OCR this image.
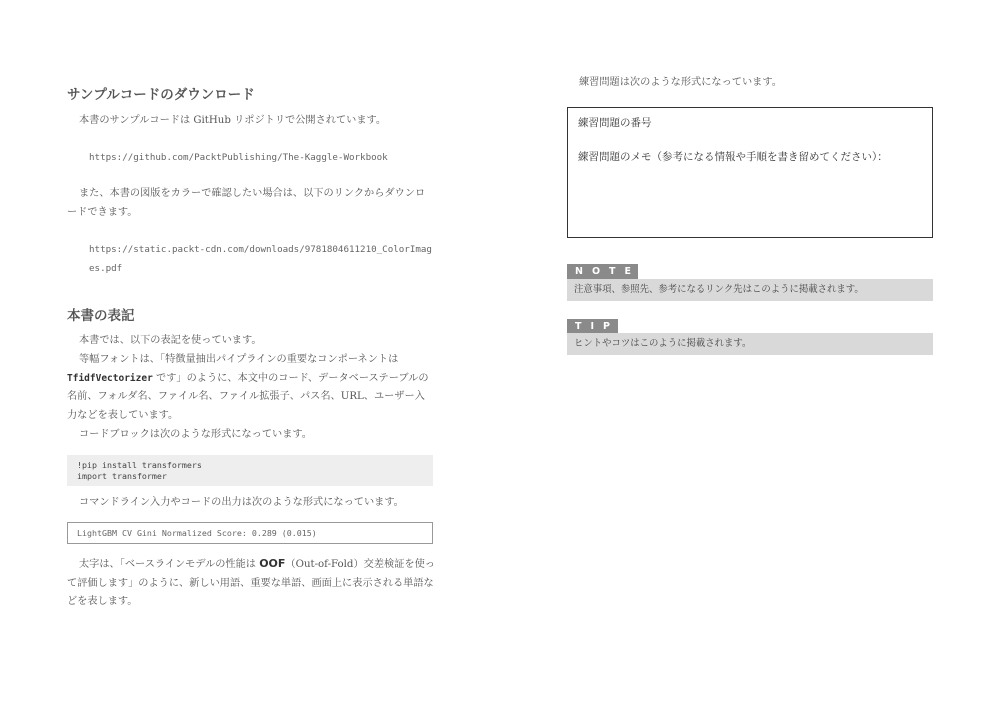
サンプルコードのダウンロード
本書のサンプルコードは GitHub リポジトリで公開されています。
https://github.com/PacktPublishing/The-Kaggle-Workbook
また、本書の図版をカラーで確認したい場合は、以下のリンクからダウンロードできます。
https://static.packt-cdn.com/downloads/9781804611210_ColorImages.pdf
本書の表記
本書では、以下の表記を使っています。
等幅フォントは、「特徴量抽出パイプラインの重要なコンポーネントは TfidfVectorizer です」のように、本文中のコード、データベーステーブルの名前、フォルダ名、ファイル名、ファイル拡張子、パス名、URL、ユーザー入力などを表しています。
コードブロックは次のような形式になっています。
!pip install transformers
import transformer
コマンドライン入力やコードの出力は次のような形式になっています。
LightGBM CV Gini Normalized Score: 0.289 (0.015)
太字は、「ベースラインモデルの性能は OOF（Out-of-Fold）交差検証を使って評価します」のように、新しい用語、重要な単語、画面上に表示される単語などを表します。
練習問題は次のような形式になっています。
練習問題の番号
練習問題のメモ（参考になる情報や手順を書き留めてください）：
NOTE
注意事項、参照先、参考になるリンク先はこのように掲載されます。
TIP
ヒントやコツはこのように掲載されます。
